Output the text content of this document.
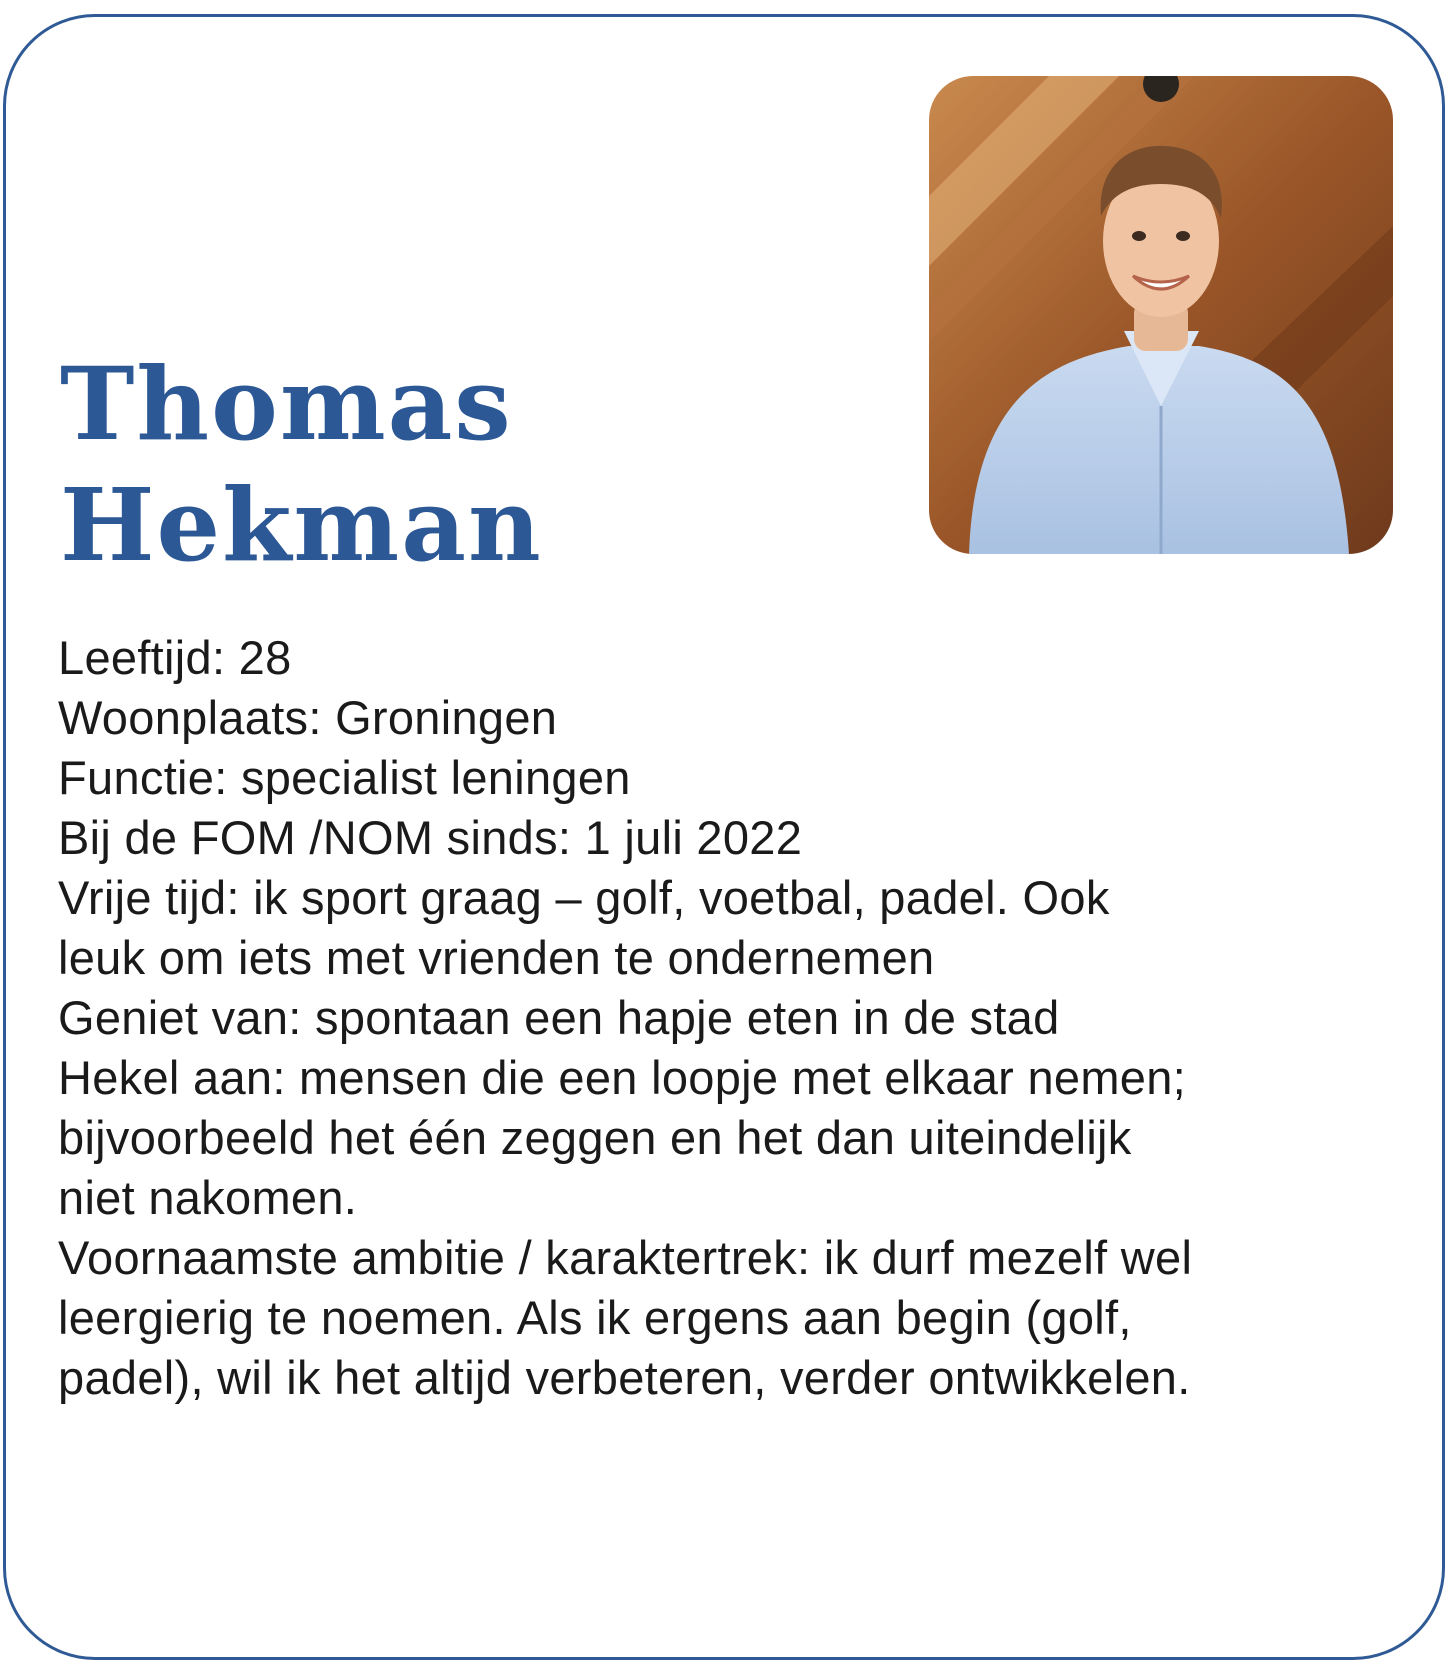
Thomas
Hekman

Leeftijd: 28

Woonplaats: Groningen

Functie: specialist leningen

Bij de FOM /NOM sinds: 1 juli 2022

Vrije tijd: ik sport graag – golf, voetbal, padel. Ook

leuk om iets met vrienden te ondernemen

Geniet van: spontaan een hapje eten in de stad

Hekel aan: mensen die een loopje met elkaar nemen;

bijvoorbeeld het één zeggen en het dan uiteindelijk

niet nakomen.

Voornaamste ambitie / karaktertrek: ik durf mezelf wel

leergierig te noemen. Als ik ergens aan begin (golf,

padel), wil ik het altijd verbeteren, verder ontwikkelen.
